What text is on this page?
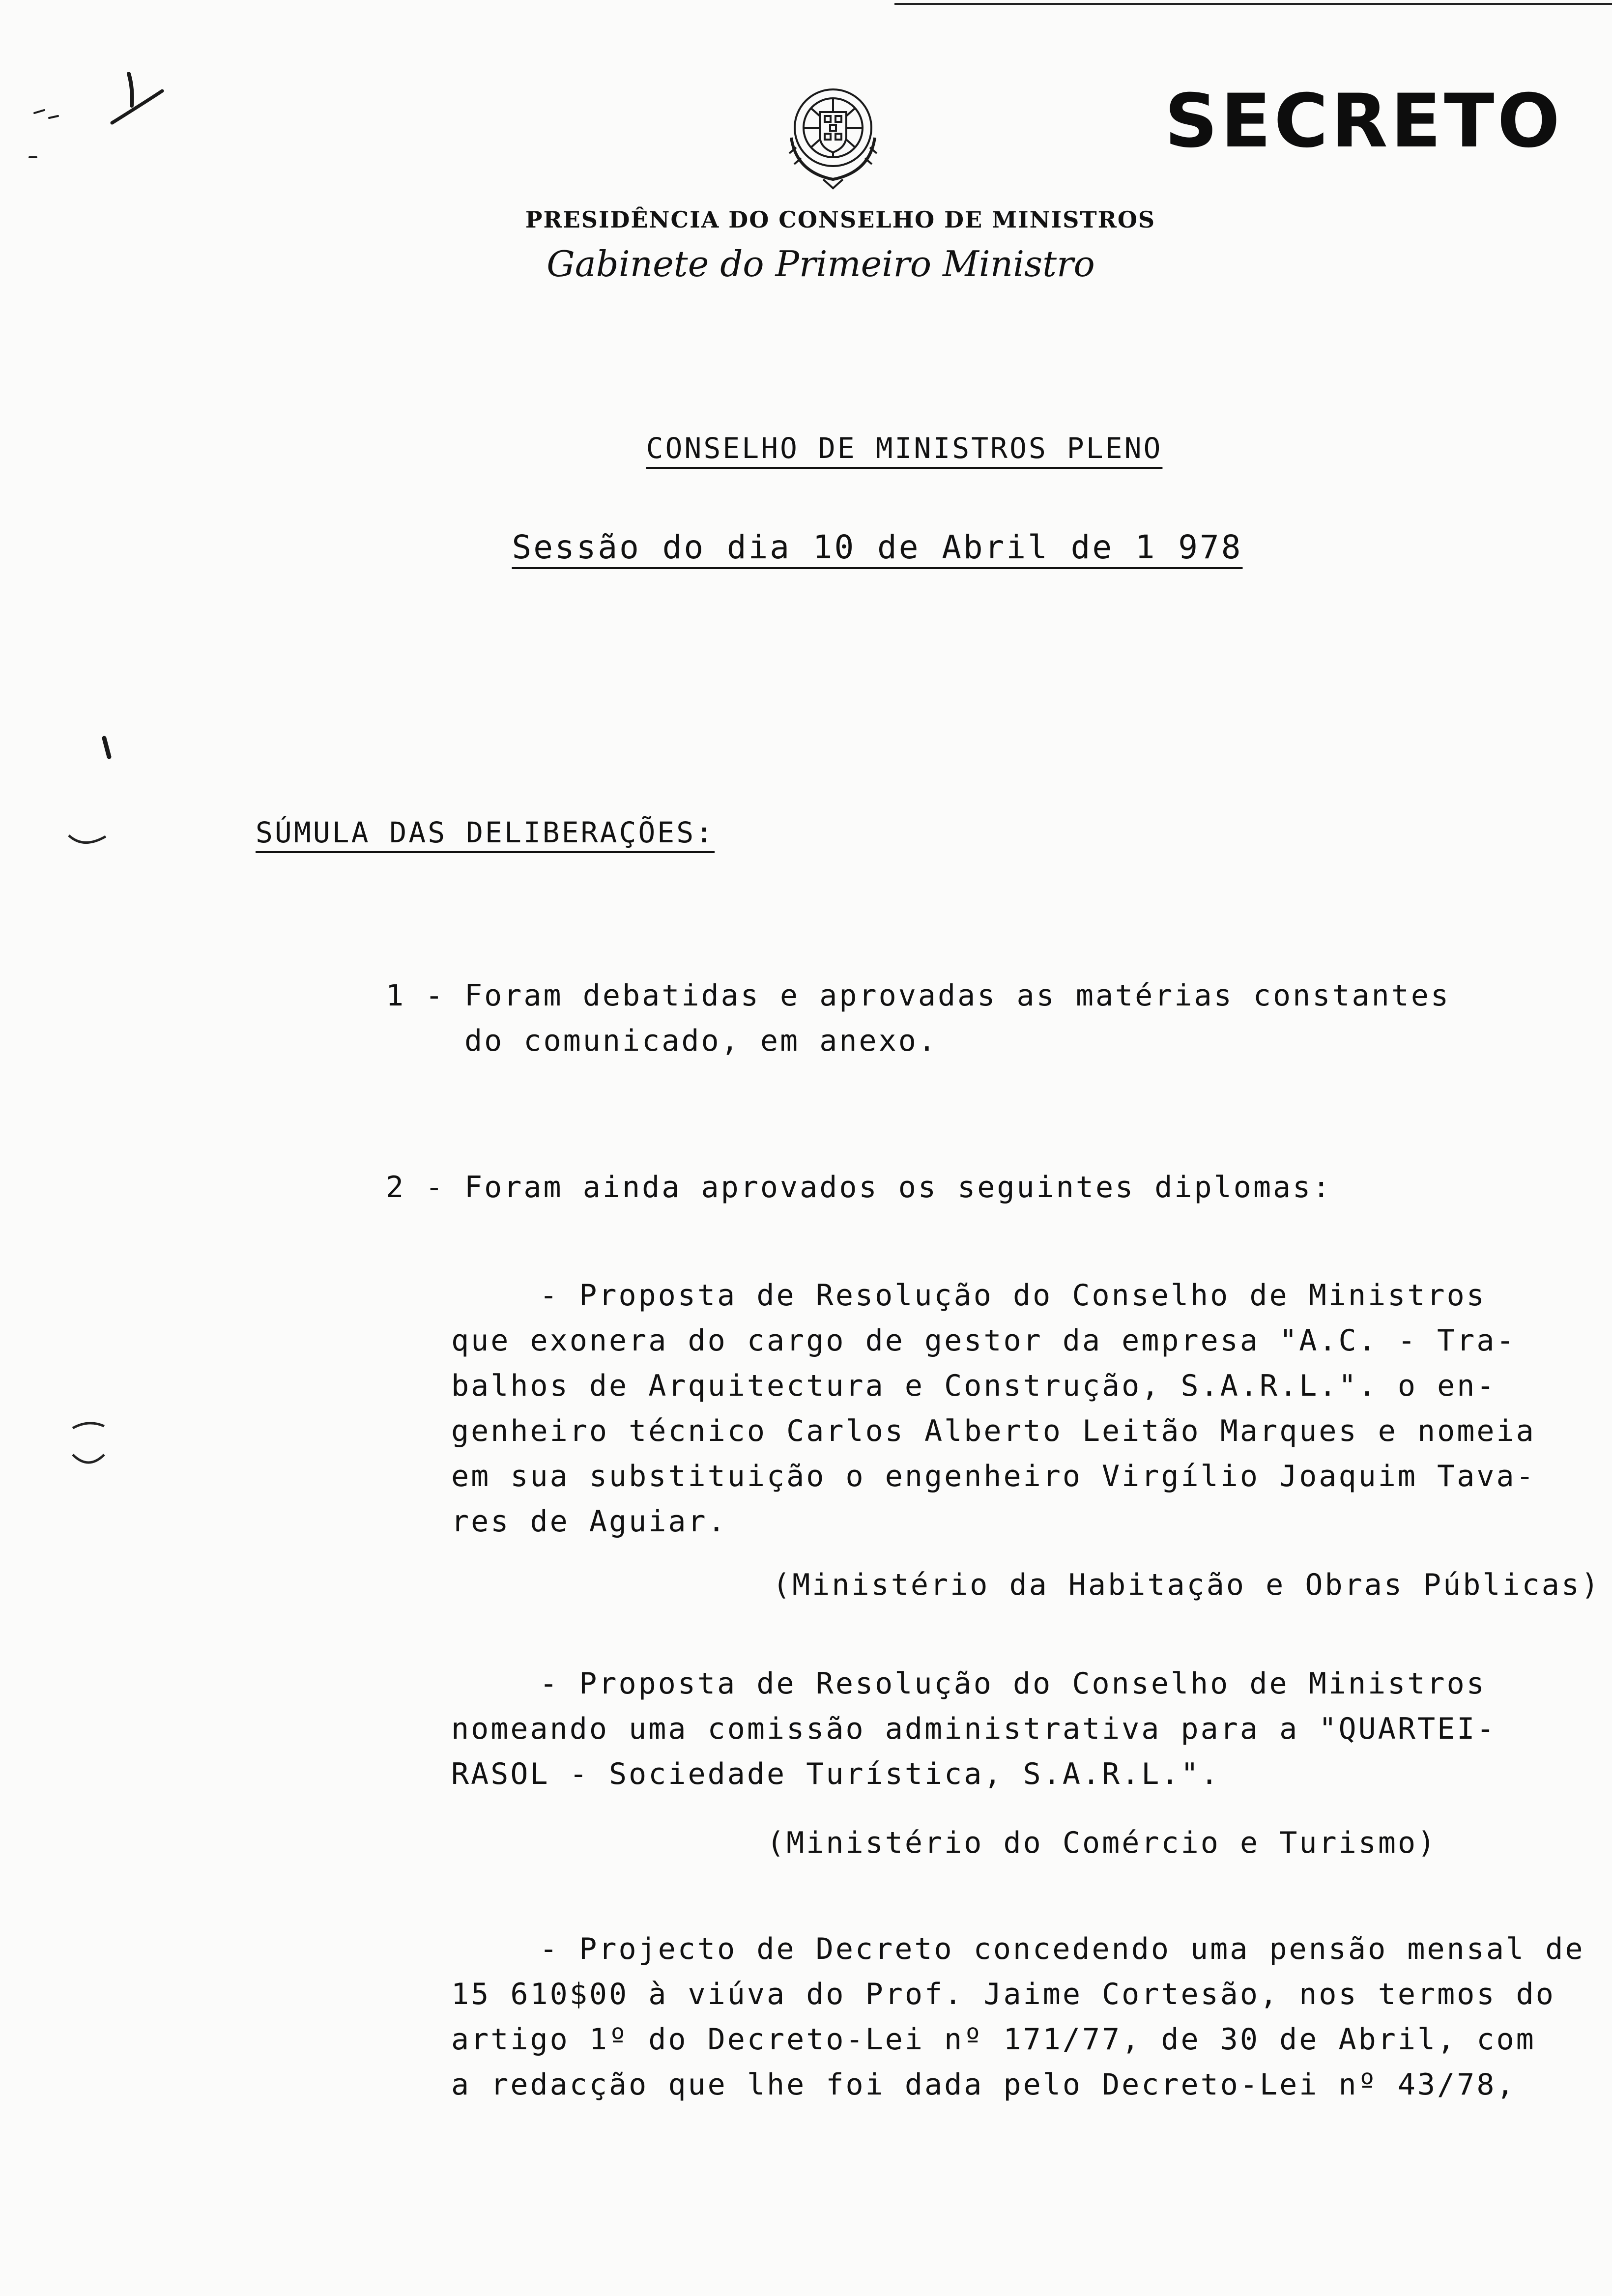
SECRETO
PRESIDÊNCIA DO CONSELHO DE MINISTROS
Gabinete do Primeiro Ministro
CONSELHO DE MINISTROS PLENO
Sessão do dia 10 de Abril de 1 978
SÚMULA DAS DELIBERAÇÕES:
1 - Foram debatidas e aprovadas as matérias constantes
do comunicado, em anexo.
2 - Foram ainda aprovados os seguintes diplomas:
- Proposta de Resolução do Conselho de Ministros
que exonera do cargo de gestor da empresa "A.C. - Tra-
balhos de Arquitectura e Construção, S.A.R.L.". o en-
genheiro técnico Carlos Alberto Leitão Marques e nomeia
em sua substituição o engenheiro Virgílio Joaquim Tava-
res de Aguiar.
(Ministério da Habitação e Obras Públicas)
- Proposta de Resolução do Conselho de Ministros
nomeando uma comissão administrativa para a "QUARTEI-
RASOL - Sociedade Turística, S.A.R.L.".
(Ministério do Comércio e Turismo)
- Projecto de Decreto concedendo uma pensão mensal de
15 610$00 à viúva do Prof. Jaime Cortesão, nos termos do
artigo 1º do Decreto-Lei nº 171/77, de 30 de Abril, com
a redacção que lhe foi dada pelo Decreto-Lei nº 43/78,
